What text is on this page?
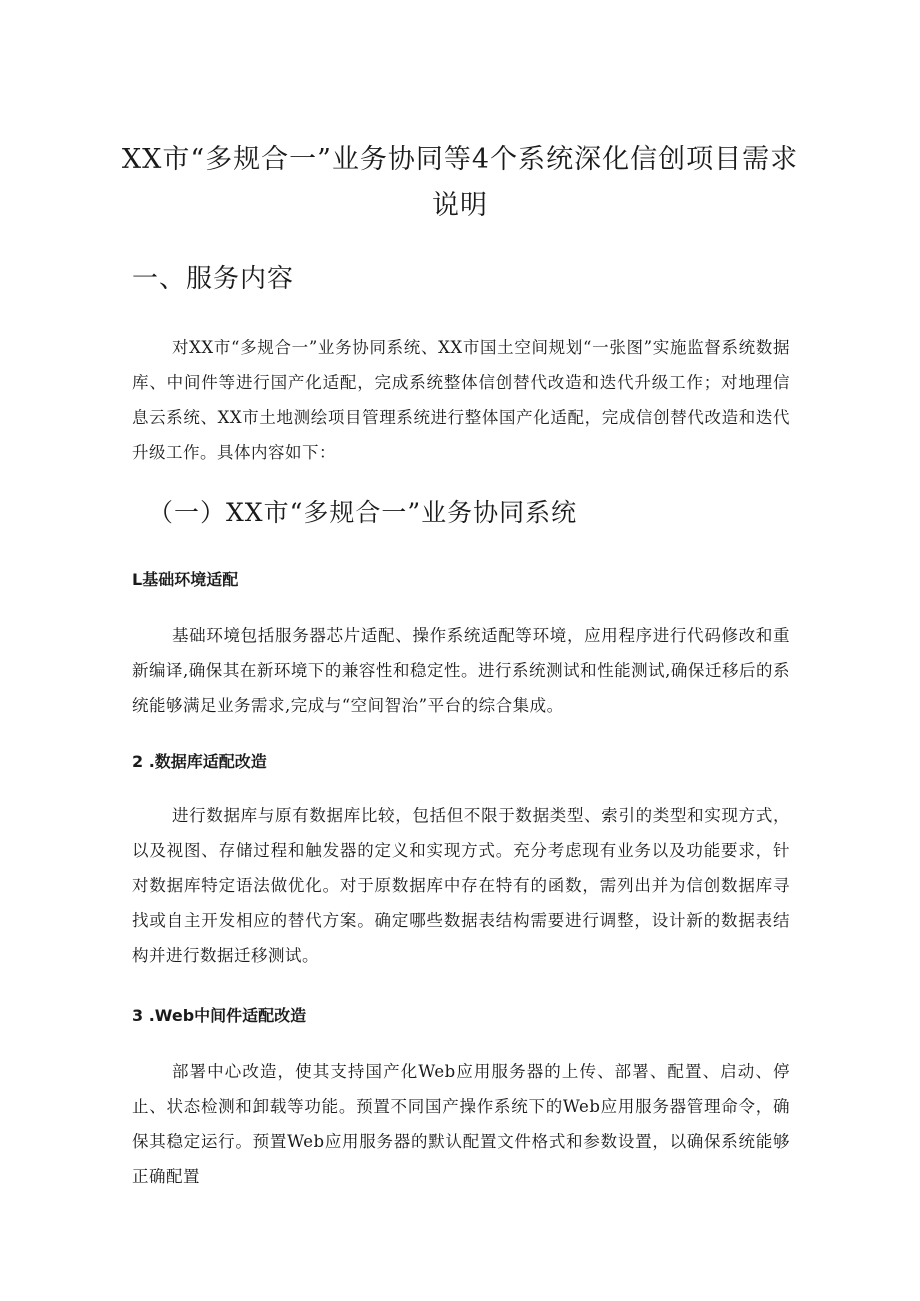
XX市“多规合一”业务协同等4个系统深化信创项目需求
说明
一、服务内容

对XX市“多规合一”业务协同系统、XX市国土空间规划“一张图”实施监督系统数据库、中间件等进行国产化适配，完成系统整体信创替代改造和迭代升级工作；对地理信息云系统、XX市土地测绘项目管理系统进行整体国产化适配，完成信创替代改造和迭代升级工作。具体内容如下：

（一）XX市“多规合一”业务协同系统
L基础环境适配

基础环境包括服务器芯片适配、操作系统适配等环境，应用程序进行代码修改和重新编译,确保其在新环境下的兼容性和稳定性。进行系统测试和性能测试,确保迁移后的系统能够满足业务需求,完成与“空间智治”平台的综合集成。

2 .数据库适配改造

进行数据库与原有数据库比较，包括但不限于数据类型、索引的类型和实现方式，以及视图、存储过程和触发器的定义和实现方式。充分考虑现有业务以及功能要求，针对数据库特定语法做优化。对于原数据库中存在特有的函数，需列出并为信创数据库寻找或自主开发相应的替代方案。确定哪些数据表结构需要进行调整，设计新的数据表结构并进行数据迁移测试。

3 .Web中间件适配改造

部署中心改造，使其支持国产化Web应用服务器的上传、部署、配置、启动、停止、状态检测和卸载等功能。预置不同国产操作系统下的Web应用服务器管理命令，确保其稳定运行。预置Web应用服务器的默认配置文件格式和参数设置，以确保系统能够正确配置
